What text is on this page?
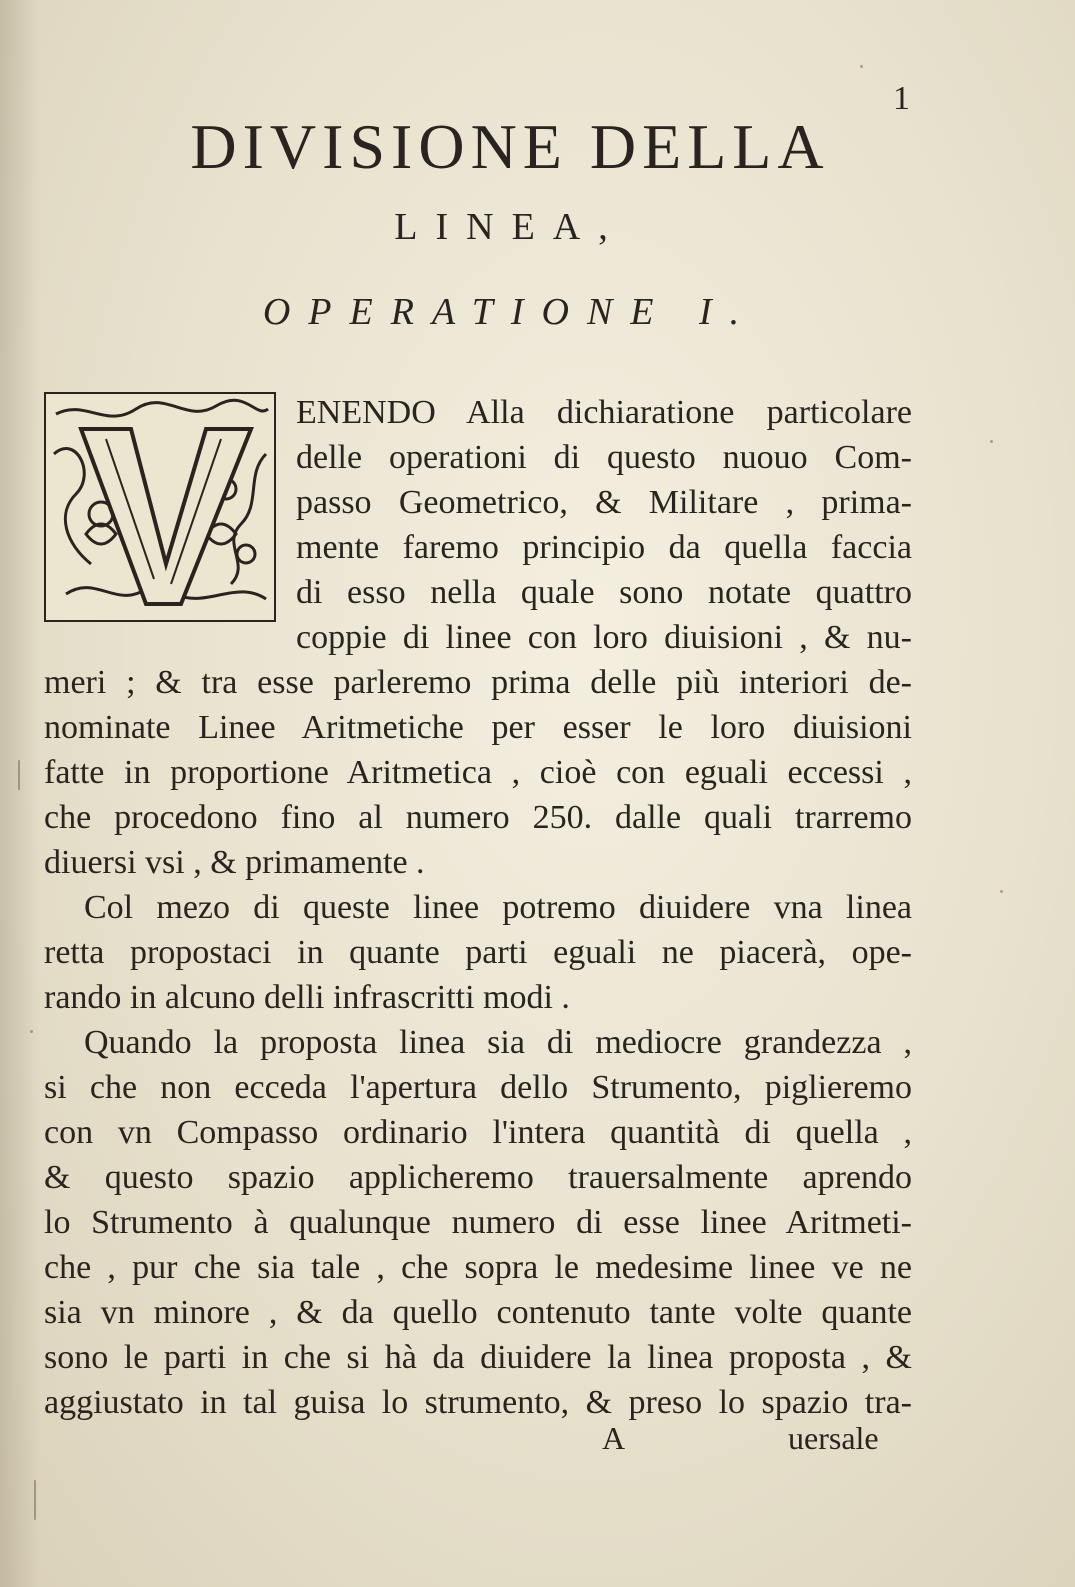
1
DIVISIONE DELLA
LINEA,
OPERATIONE I.
ENENDO Alla dichiaratione particolare
delle operationi di questo nuouo Com-
passo Geometrico, & Militare , prima-
mente faremo principio da quella faccia
di esso nella quale sono notate quattro
coppie di linee con loro diuisioni , & nu-
meri ; & tra esse parleremo prima delle più interiori de-
nominate Linee Aritmetiche per esser le loro diuisioni
fatte in proportione Aritmetica , cioè con eguali eccessi ,
che procedono fino al numero 250. dalle quali trarremo
diuersi vsi , & primamente .
Col mezo di queste linee potremo diuidere vna linea
retta propostaci in quante parti eguali ne piacerà, ope-
rando in alcuno delli infrascritti modi .
Quando la proposta linea sia di mediocre grandezza ,
si che non ecceda l'apertura dello Strumento, piglieremo
con vn Compasso ordinario l'intera quantità di quella ,
& questo spazio applicheremo trauersalmente aprendo
lo Strumento à qualunque numero di esse linee Aritmeti-
che , pur che sia tale , che sopra le medesime linee ve ne
sia vn minore , & da quello contenuto tante volte quante
sono le parti in che si hà da diuidere la linea proposta , &
aggiustato in tal guisa lo strumento, & preso lo spazio tra-
A	uersale
